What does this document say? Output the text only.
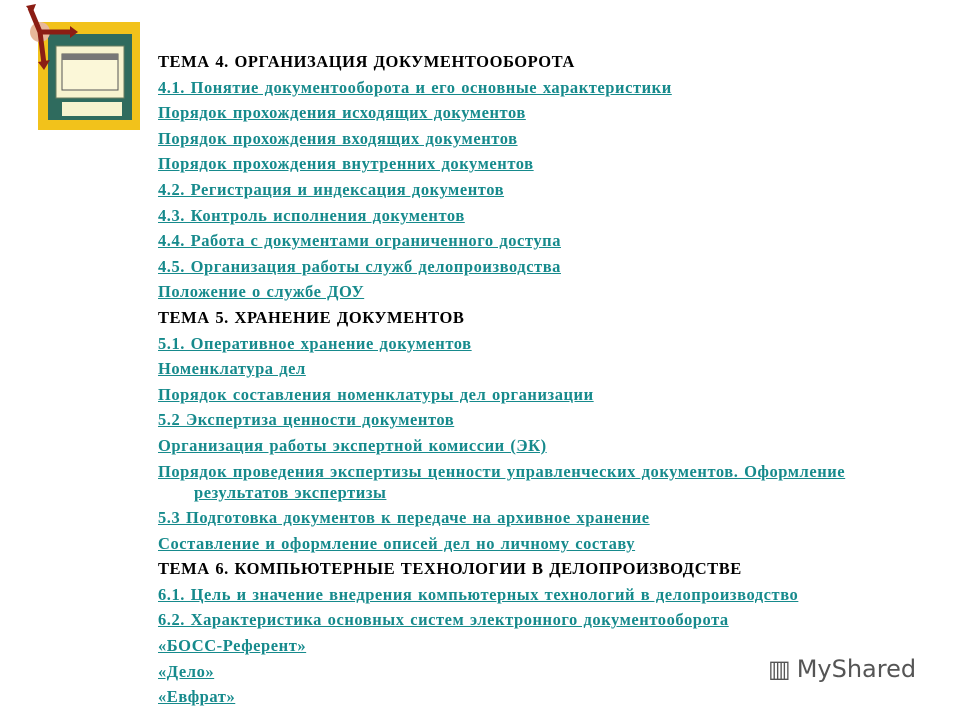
ТЕМА 4. ОРГАНИЗАЦИЯ ДОКУМЕНТООБОРОТА
4.1. Понятие документооборота и его основные характеристики
Порядок прохождения исходящих документов
Порядок прохождения входящих документов
Порядок прохождения внутренних документов
4.2. Регистрация и индексация документов
4.3. Контроль исполнения документов
4.4. Работа с документами ограниченного доступа
4.5. Организация работы служб делопроизводства
Положение о службе ДОУ
ТЕМА 5. ХРАНЕНИЕ ДОКУМЕНТОВ
5.1. Оперативное хранение документов
Номенклатура дел
Порядок составления номенклатуры дел организации
5.2 Экспертиза ценности документов
Организация работы экспертной комиссии (ЭК)
Порядок проведения экспертизы ценности управленческих документов. Оформление результатов экспертизы
5.3 Подготовка документов к передаче на архивное хранение
Составление и оформление описей дел но личному составу
ТЕМА 6. КОМПЬЮТЕРНЫЕ ТЕХНОЛОГИИ В ДЕЛОПРОИЗВОДСТВЕ
6.1. Цель и значение внедрения компьютерных технологий в делопроизводство
6.2. Характеристика основных систем электронного документооборота
«БОСС-Референт»
«Дело»
«Евфрат»
▥ MyShared
